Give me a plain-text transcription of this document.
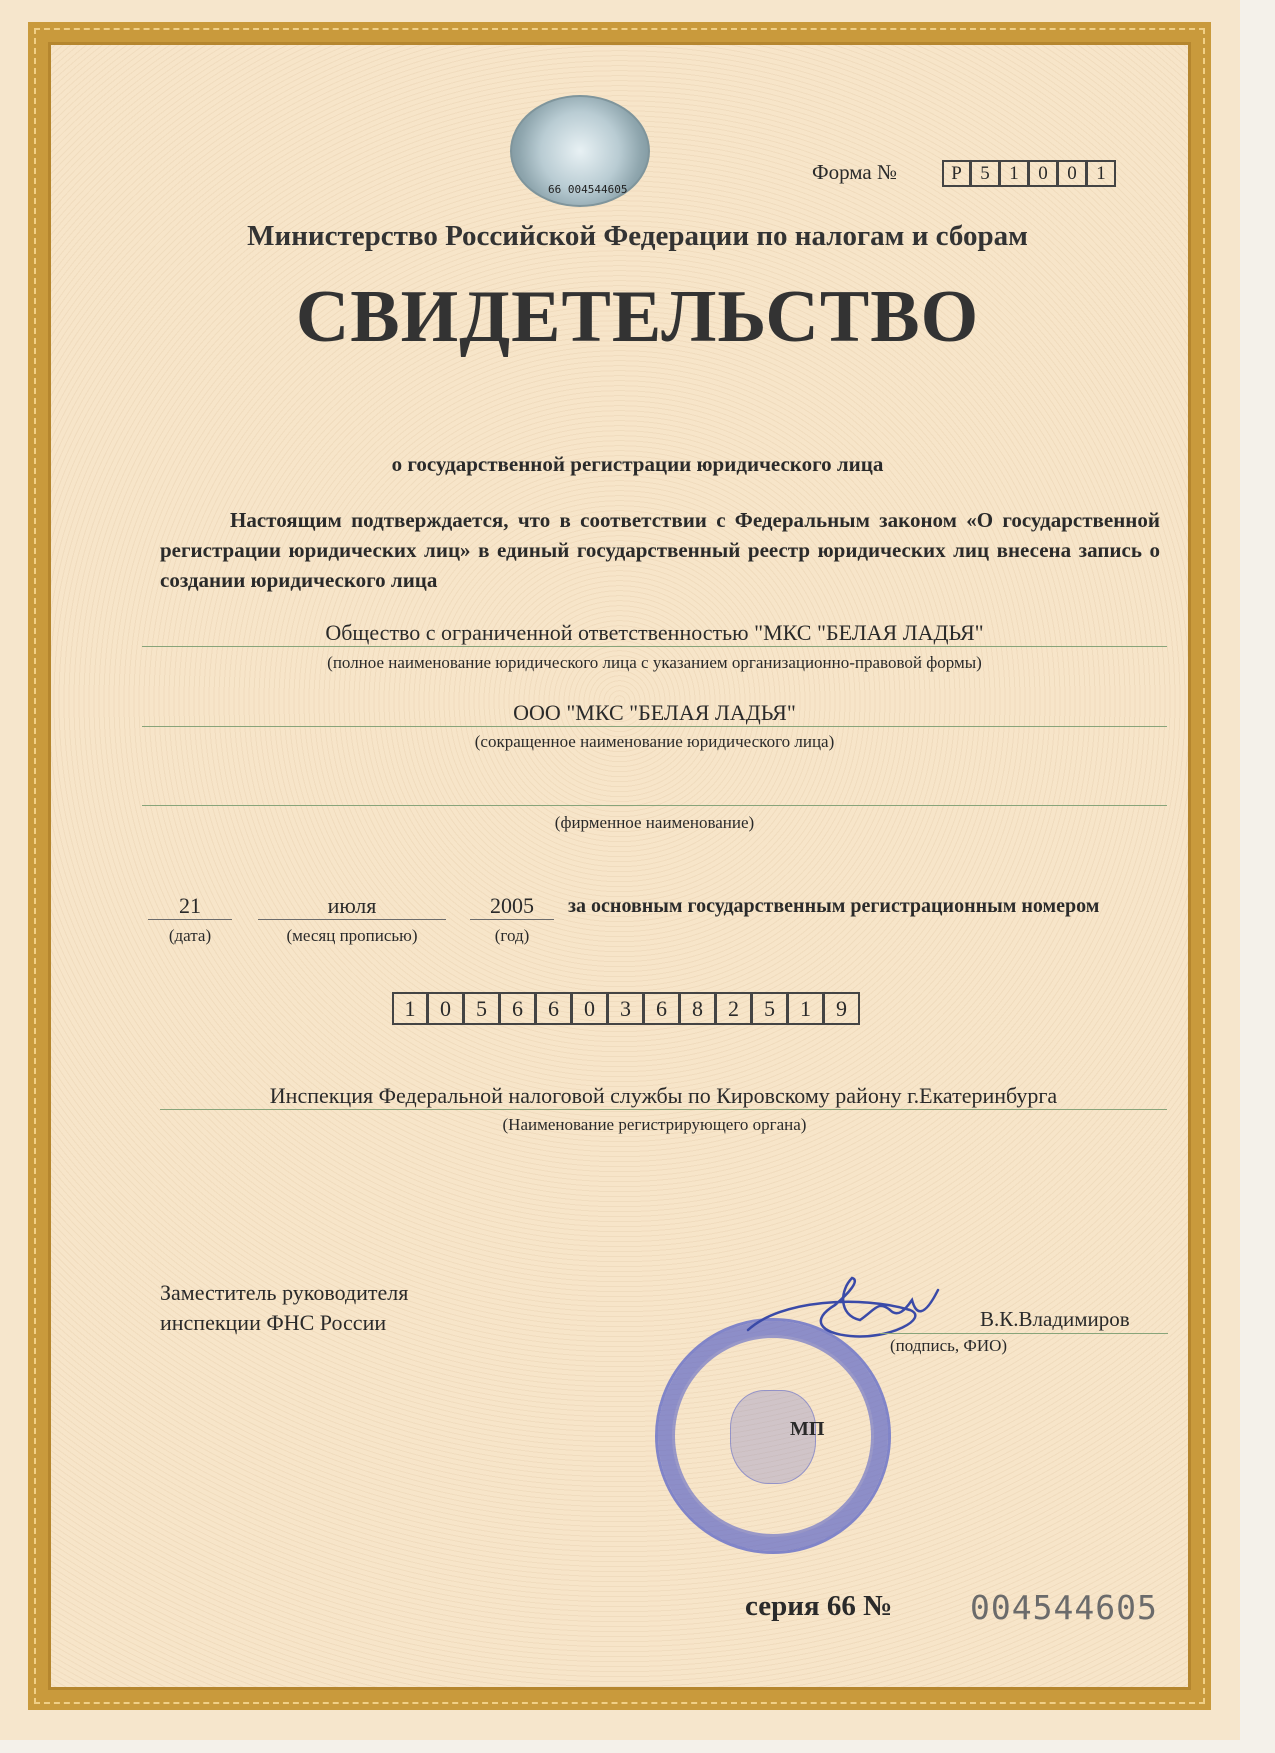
66 004544605
Форма №	Р 5	1	0	0	1
Министерство Российской Федерации по налогам и сборам
СВИДЕТЕЛЬСТВО
о государственной регистрации юридического лица
Настоящим подтверждается, что в соответствии с Федеральным законом «О государственной регистрации юридических лиц» в единый государственный реестр юридических лиц внесена запись о создании юридического лица
Общество с ограниченной ответственностью "МКС "БЕЛАЯ ЛАДЬЯ"
(полное наименование юридического лица с указанием организационно-правовой формы)
ООО "МКС "БЕЛАЯ ЛАДЬЯ"
(сокращенное наименование юридического лица)
(фирменное наименование)
21
(дата)
июля
(месяц прописью)
2005
(год)
за основным государственным регистрационным номером
1	0	5	6	6	0	3	6	8	2	5	1	9
Инспекция Федеральной налоговой службы по Кировскому району г.Екатеринбурга
(Наименование регистрирующего органа)
Заместитель руководителя
инспекции ФНС России
МП
В.К.Владимиров
(подпись, ФИО)
серия 66 № 004544605
